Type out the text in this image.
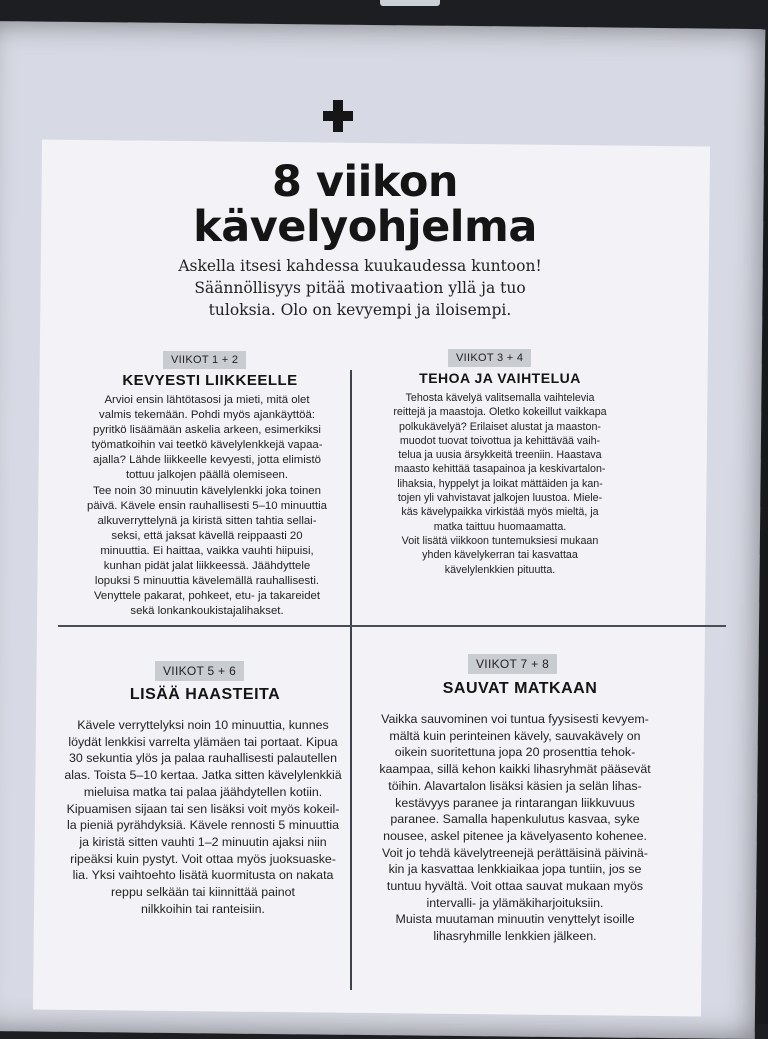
8 viikon
kävelyohjelma
Askella itsesi kahdessa kuukaudessa kuntoon!
Säännöllisyys pitää motivaation yllä ja tuo
tuloksia. Olo on kevyempi ja iloisempi.
VIIKOT 1 + 2
KEVYESTI LIIKKEELLE
Arvioi ensin lähtötasosi ja mieti, mitä olet
valmis tekemään. Pohdi myös ajankäyttöä:
pyritkö lisäämään askelia arkeen, esimerkiksi
työmatkoihin vai teetkö kävelylenkkejä vapaa-
ajalla? Lähde liikkeelle kevyesti, jotta elimistö
tottuu jalkojen päällä olemiseen.
Tee noin 30 minuutin kävelylenkki joka toinen
päivä. Kävele ensin rauhallisesti 5–10 minuuttia
alkuverryttelynä ja kiristä sitten tahtia sellai-
seksi, että jaksat kävellä reippaasti 20
minuuttia. Ei haittaa, vaikka vauhti hiipuisi,
kunhan pidät jalat liikkeessä. Jäähdyttele
lopuksi 5 minuuttia kävelemällä rauhallisesti.
Venyttele pakarat, pohkeet, etu- ja takareidet
sekä lonkankoukistajalihakset.
VIIKOT 3 + 4
TEHOA JA VAIHTELUA
Tehosta kävelyä valitsemalla vaihtelevia
reittejä ja maastoja. Oletko kokeillut vaikkapa
polkukävelyä? Erilaiset alustat ja maaston-
muodot tuovat toivottua ja kehittävää vaih-
telua ja uusia ärsykkeitä treeniin. Haastava
maasto kehittää tasapainoa ja keskivartalon-
lihaksia, hyppelyt ja loikat mättäiden ja kan-
tojen yli vahvistavat jalkojen luustoa. Miele-
käs kävelypaikka virkistää myös mieltä, ja
matka taittuu huomaamatta.
Voit lisätä viikkoon tuntemuksiesi mukaan
yhden kävelykerran tai kasvattaa
kävelylenkkien pituutta.
VIIKOT 5 + 6
LISÄÄ HAASTEITA
Kävele verryttelyksi noin 10 minuuttia, kunnes
löydät lenkkisi varrelta ylämäen tai portaat. Kipua
30 sekuntia ylös ja palaa rauhallisesti palautellen
alas. Toista 5–10 kertaa. Jatka sitten kävelylenkkiä
mieluisa matka tai palaa jäähdytellen kotiin.
Kipuamisen sijaan tai sen lisäksi voit myös kokeil-
la pieniä pyrähdyksiä. Kävele rennosti 5 minuuttia
ja kiristä sitten vauhti 1–2 minuutin ajaksi niin
ripeäksi kuin pystyt. Voit ottaa myös juoksuaske-
lia. Yksi vaihtoehto lisätä kuormitusta on nakata
reppu selkään tai kiinnittää painot
nilkkoihin tai ranteisiin.
VIIKOT 7 + 8
SAUVAT MATKAAN
Vaikka sauvominen voi tuntua fyysisesti kevyem-
mältä kuin perinteinen kävely, sauvakävely on
oikein suoritettuna jopa 20 prosenttia tehok-
kaampaa, sillä kehon kaikki lihasryhmät pääsevät
töihin. Alavartalon lisäksi käsien ja selän lihas-
kestävyys paranee ja rintarangan liikkuvuus
paranee. Samalla hapenkulutus kasvaa, syke
nousee, askel pitenee ja kävelyasento kohenee.
Voit jo tehdä kävelytreenejä perättäisinä päivinä-
kin ja kasvattaa lenkkiaikaa jopa tuntiin, jos se
tuntuu hyvältä. Voit ottaa sauvat mukaan myös
intervalli- ja ylämäkiharjoituksiin.
Muista muutaman minuutin venyttelyt isoille
lihasryhmille lenkkien jälkeen.
